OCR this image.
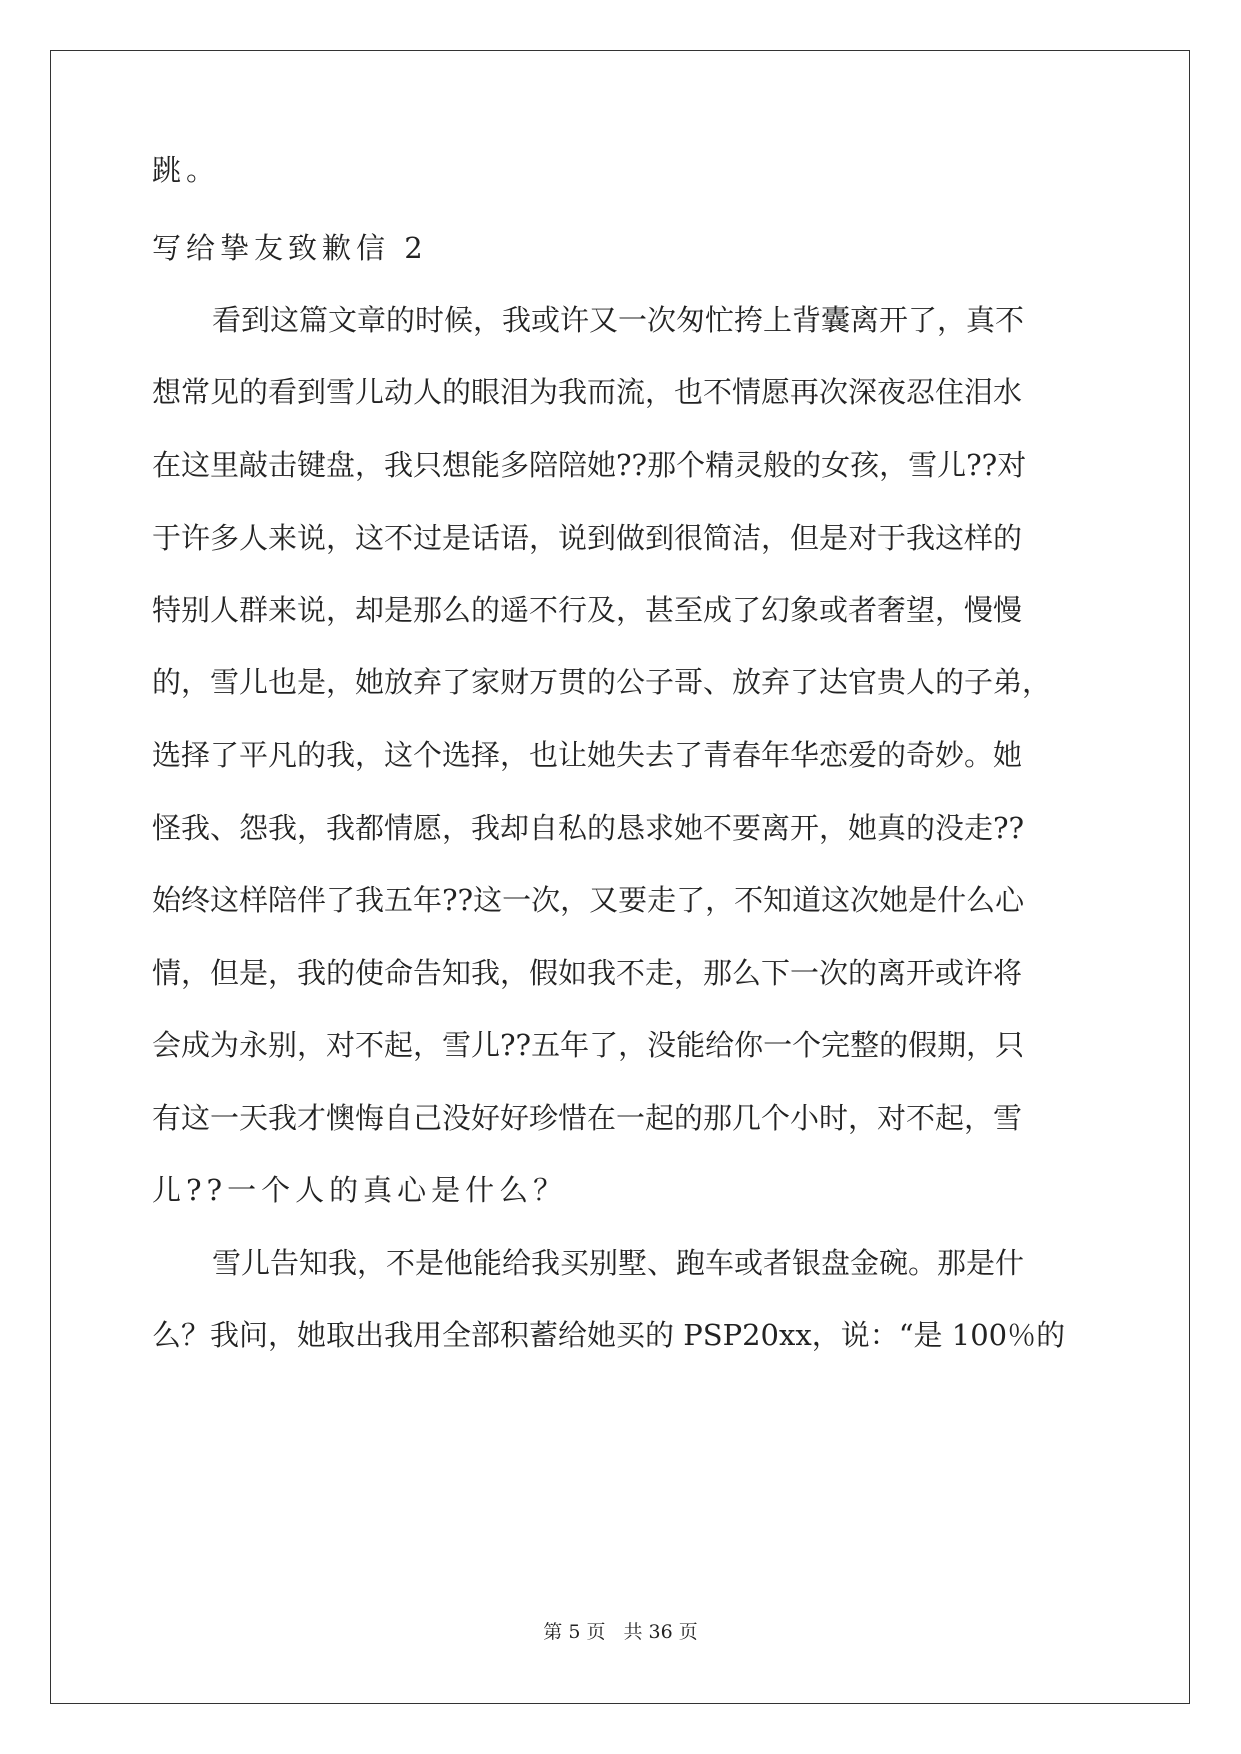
跳。
写给挚友致歉信 2
看到这篇文章的时候，我或许又一次匆忙挎上背囊离开了，真不
想常见的看到雪儿动人的眼泪为我而流，也不情愿再次深夜忍住泪水
在这里敲击键盘，我只想能多陪陪她??那个精灵般的女孩，雪儿??对
于许多人来说，这不过是话语，说到做到很简洁，但是对于我这样的
特别人群来说，却是那么的遥不行及，甚至成了幻象或者奢望，慢慢
的，雪儿也是，她放弃了家财万贯的公子哥、放弃了达官贵人的子弟，
选择了平凡的我，这个选择，也让她失去了青春年华恋爱的奇妙。她
怪我、怨我，我都情愿，我却自私的恳求她不要离开，她真的没走??
始终这样陪伴了我五年??这一次，又要走了，不知道这次她是什么心
情，但是，我的使命告知我，假如我不走，那么下一次的离开或许将
会成为永别，对不起，雪儿??五年了，没能给你一个完整的假期，只
有这一天我才懊悔自己没好好珍惜在一起的那几个小时，对不起，雪
儿??一个人的真心是什么？
雪儿告知我，不是他能给我买别墅、跑车或者银盘金碗。那是什
么？我问，她取出我用全部积蓄给她买的 PSP20xx，说：“是 100％的
第 5 页 共 36 页
